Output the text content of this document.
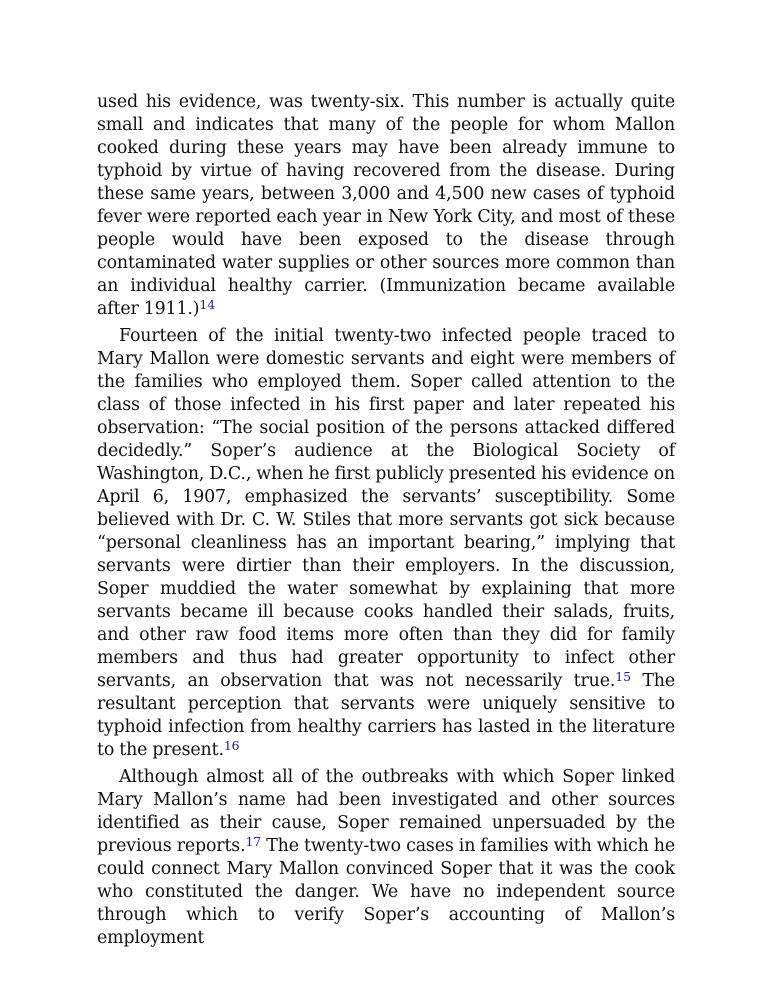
used his evidence, was twenty-six. This number is actually quite small and indicates that many of the people for whom Mallon cooked during these years may have been already immune to typhoid by virtue of having recovered from the disease. During these same years, between 3,000 and 4,500 new cases of typhoid fever were reported each year in New York City, and most of these people would have been exposed to the disease through contaminated water supplies or other sources more common than an individual healthy carrier. (Immunization became available after 1911.)$^{14}$

Fourteen of the initial twenty-two infected people traced to Mary Mallon were domestic servants and eight were members of the families who employed them. Soper called attention to the class of those infected in his first paper and later repeated his observation: “The social position of the persons attacked differed decidedly.” Soper’s audience at the Biological Society of Washington, D.C., when he first publicly presented his evidence on April 6, 1907, emphasized the servants’ susceptibility. Some believed with Dr. C. W. Stiles that more servants got sick because “personal cleanliness has an important bearing,” implying that servants were dirtier than their employers. In the discussion, Soper muddied the water somewhat by explaining that more servants became ill because cooks handled their salads, fruits, and other raw food items more often than they did for family members and thus had greater opportunity to infect other servants, an observation that was not necessarily true.$^{15}$ The resultant perception that servants were uniquely sensitive to typhoid infection from healthy carriers has lasted in the literature to the present.$^{16}$

Although almost all of the outbreaks with which Soper linked Mary Mallon’s name had been investigated and other sources identified as their cause, Soper remained unpersuaded by the previous reports.$^{17}$ The twenty-two cases in families with which he could connect Mary Mallon convinced Soper that it was the cook who constituted the danger. We have no independent source through which to verify Soper’s accounting of Mallon’s employment
